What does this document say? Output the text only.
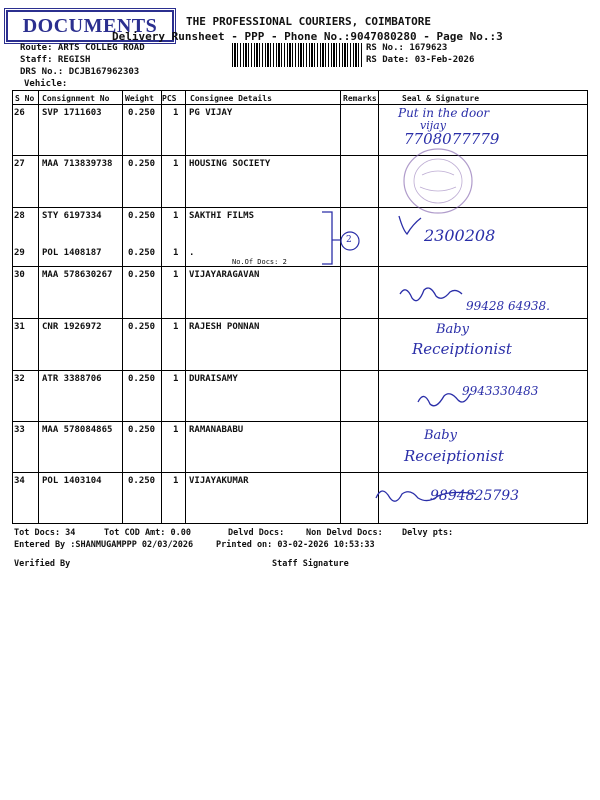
DOCUMENTS	THE PROFESSIONAL COURIERS, COIMBATORE
Delivery Runsheet - PPP - Phone No.:9047080280 - Page No.:3
Route: ARTS COLLEG ROAD
Staff: REGISH
DRS No.: DCJB167962303
Vehicle:
RS No.: 1679623
RS Date: 03-Feb-2026
S No Consignment No Weight PCS Consignee Details	Remarks	Seal & Signature
26 SVP 1711603	0.250 1 PG VIJAY
27 MAA 713839738 0.250 1 HOUSING SOCIETY
28 STY 6197334	0.250 1 SAKTHI FILMS
29 POL 1408187	0.250 1 .
No.Of Docs: 2
30 MAA 578630267 0.250 1 VIJAYARAGAVAN
31 CNR 1926972	0.250 1 RAJESH PONNAN
32 ATR 3388706	0.250 1 DURAISAMY
33 MAA 578084865 0.250 1 RAMANABABU
34 POL 1403104	0.250 1 VIJAYAKUMAR
2
Put in the door
vijay
7708077779
2300208
99428 64938.
Baby
Receiptionist
9943330483
Baby
Receiptionist
9894825793
Tot Docs: 34	Tot COD Amt: 0.00	Delvd Docs:	Non Delvd Docs: Delvy pts:
Entered By :SHANMUGAMPPP 02/03/2026	Printed on: 03-02-2026 10:53:33
Verified By	Staff Signature
